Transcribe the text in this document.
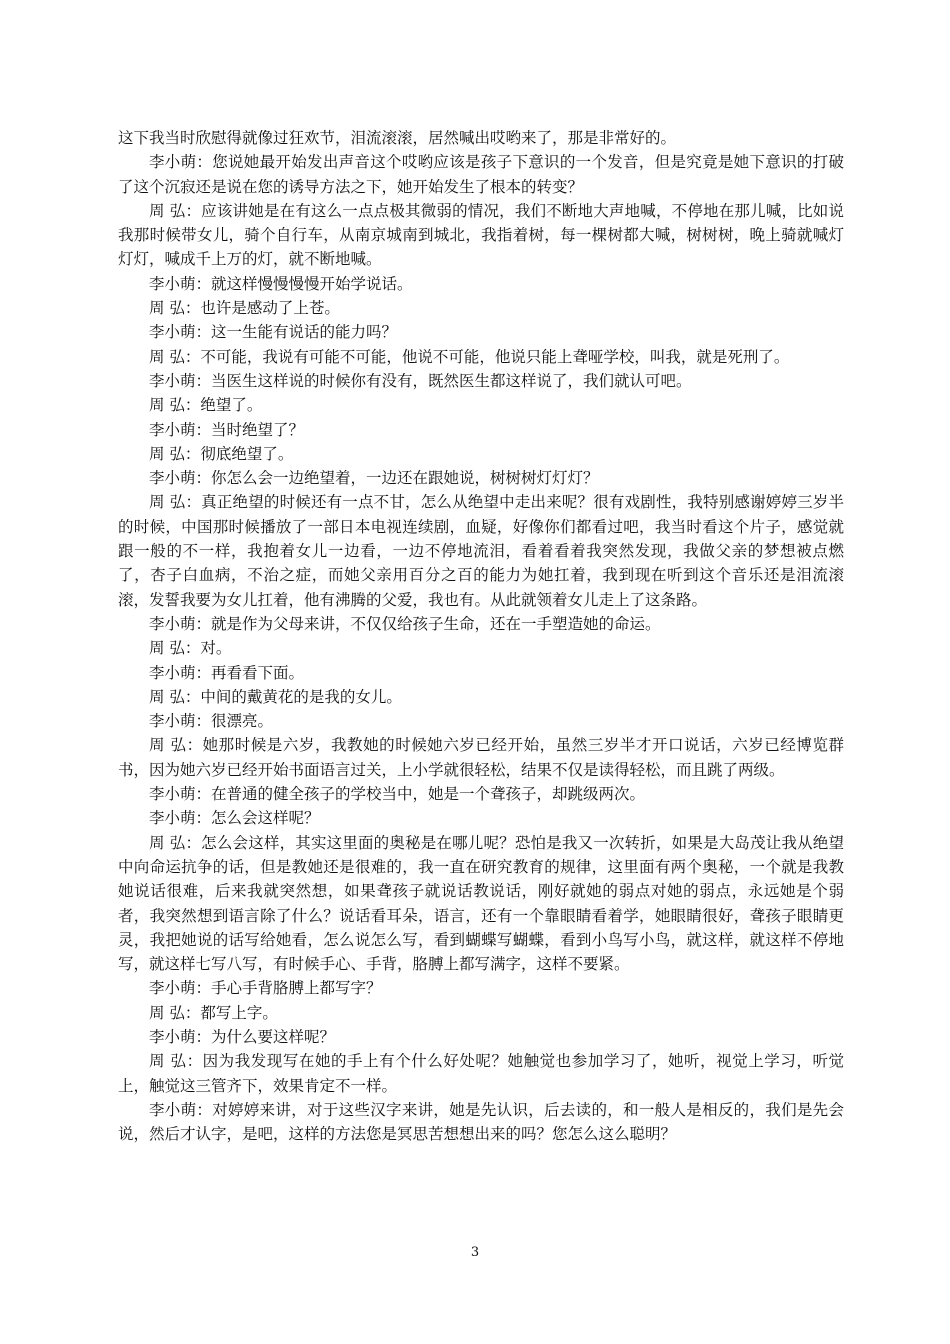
这下我当时欣慰得就像过狂欢节，泪流滚滚，居然喊出哎哟来了，那是非常好的。

李小萌：您说她最开始发出声音这个哎哟应该是孩子下意识的一个发音，但是究竟是她下意识的打破了这个沉寂还是说在您的诱导方法之下，她开始发生了根本的转变？

周 弘：应该讲她是在有这么一点点极其微弱的情况，我们不断地大声地喊，不停地在那儿喊，比如说我那时候带女儿，骑个自行车，从南京城南到城北，我指着树，每一棵树都大喊，树树树，晚上骑就喊灯灯灯，喊成千上万的灯，就不断地喊。

李小萌：就这样慢慢慢慢开始学说话。

周 弘：也许是感动了上苍。

李小萌：这一生能有说话的能力吗？

周 弘：不可能，我说有可能不可能，他说不可能，他说只能上聋哑学校，叫我，就是死刑了。

李小萌：当医生这样说的时候你有没有，既然医生都这样说了，我们就认可吧。

周 弘：绝望了。

李小萌：当时绝望了？

周 弘：彻底绝望了。

李小萌：你怎么会一边绝望着，一边还在跟她说，树树树灯灯灯？

周 弘：真正绝望的时候还有一点不甘，怎么从绝望中走出来呢？很有戏剧性，我特别感谢婷婷三岁半的时候，中国那时候播放了一部日本电视连续剧，血疑，好像你们都看过吧，我当时看这个片子，感觉就跟一般的不一样，我抱着女儿一边看，一边不停地流泪，看着看着我突然发现，我做父亲的梦想被点燃了，杏子白血病，不治之症，而她父亲用百分之百的能力为她扛着，我到现在听到这个音乐还是泪流滚滚，发誓我要为女儿扛着，他有沸腾的父爱，我也有。从此就领着女儿走上了这条路。

李小萌：就是作为父母来讲，不仅仅给孩子生命，还在一手塑造她的命运。

周 弘：对。

李小萌：再看看下面。

周 弘：中间的戴黄花的是我的女儿。

李小萌：很漂亮。

周 弘：她那时候是六岁，我教她的时候她六岁已经开始，虽然三岁半才开口说话，六岁已经博览群书，因为她六岁已经开始书面语言过关，上小学就很轻松，结果不仅是读得轻松，而且跳了两级。

李小萌：在普通的健全孩子的学校当中，她是一个聋孩子，却跳级两次。

李小萌：怎么会这样呢？

周 弘：怎么会这样，其实这里面的奥秘是在哪儿呢？恐怕是我又一次转折，如果是大岛茂让我从绝望中向命运抗争的话，但是教她还是很难的，我一直在研究教育的规律，这里面有两个奥秘，一个就是我教她说话很难，后来我就突然想，如果聋孩子就说话教说话，刚好就她的弱点对她的弱点，永远她是个弱者，我突然想到语言除了什么？说话看耳朵，语言，还有一个靠眼睛看着学，她眼睛很好，聋孩子眼睛更灵，我把她说的话写给她看，怎么说怎么写，看到蝴蝶写蝴蝶，看到小鸟写小鸟，就这样，就这样不停地写，就这样七写八写，有时候手心、手背，胳膊上都写满字，这样不要紧。

李小萌：手心手背胳膊上都写字？

周 弘：都写上字。

李小萌：为什么要这样呢？

周 弘：因为我发现写在她的手上有个什么好处呢？她触觉也参加学习了，她听，视觉上学习，听觉上，触觉这三管齐下，效果肯定不一样。

李小萌：对婷婷来讲，对于这些汉字来讲，她是先认识，后去读的，和一般人是相反的，我们是先会说，然后才认字，是吧，这样的方法您是冥思苦想想出来的吗？您怎么这么聪明？

3
